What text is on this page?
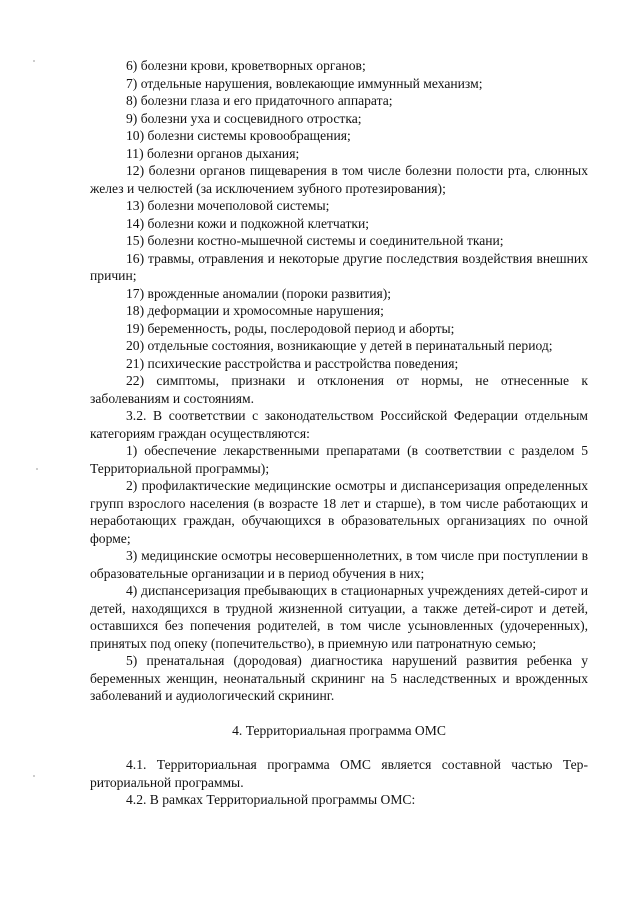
6) болезни крови, кроветворных органов;

7) отдельные нарушения, вовлекающие иммунный механизм;

8) болезни глаза и его придаточного аппарата;

9) болезни уха и сосцевидного отростка;

10) болезни системы кровообращения;

11) болезни органов дыхания;

12) болезни органов пищеварения в том числе болезни полости рта, слюнных желез и челюстей (за исключением зубного протезирования);

13) болезни мочеполовой системы;

14) болезни кожи и подкожной клетчатки;

15) болезни костно-мышечной системы и соединительной ткани;

16) травмы, отравления и некоторые другие последствия воздействия внешних причин;

17) врожденные аномалии (пороки развития);

18) деформации и хромосомные нарушения;

19) беременность, роды, послеродовой период и аборты;

20) отдельные состояния, возникающие у детей в перинатальный период;

21) психические расстройства и расстройства поведения;

22) симптомы, признаки и отклонения от нормы, не отнесенные к заболеваниям и состояниям.

3.2. В соответствии с законодательством Российской Федерации отдельным категориям граждан осуществляются:

1) обеспечение лекарственными препаратами (в соответствии с разделом 5 Территориальной программы);

2) профилактические медицинские осмотры и диспансеризация определенных групп взрослого населения (в возрасте 18 лет и старше), в том числе работающих и неработающих граждан, обучающихся в образовательных организациях по очной форме;

3) медицинские осмотры несовершеннолетних, в том числе при поступлении в образовательные организации и в период обучения в них;

4) диспансеризация пребывающих в стационарных учреждениях детей-сирот и детей, находящихся в трудной жизненной ситуации, а также детей-сирот и детей, оставшихся без попечения родителей, в том числе усыновленных (удочеренных), принятых под опеку (попечительство), в приемную или патронатную семью;

5) пренатальная (дородовая) диагностика нарушений развития ребенка у беременных женщин, неонатальный скрининг на 5 наследственных и врожденных заболеваний и аудиологический скрининг.

4. Территориальная программа ОМС

4.1. Территориальная программа ОМС является составной частью Территориальной программы.

4.2. В рамках Территориальной программы ОМС:
